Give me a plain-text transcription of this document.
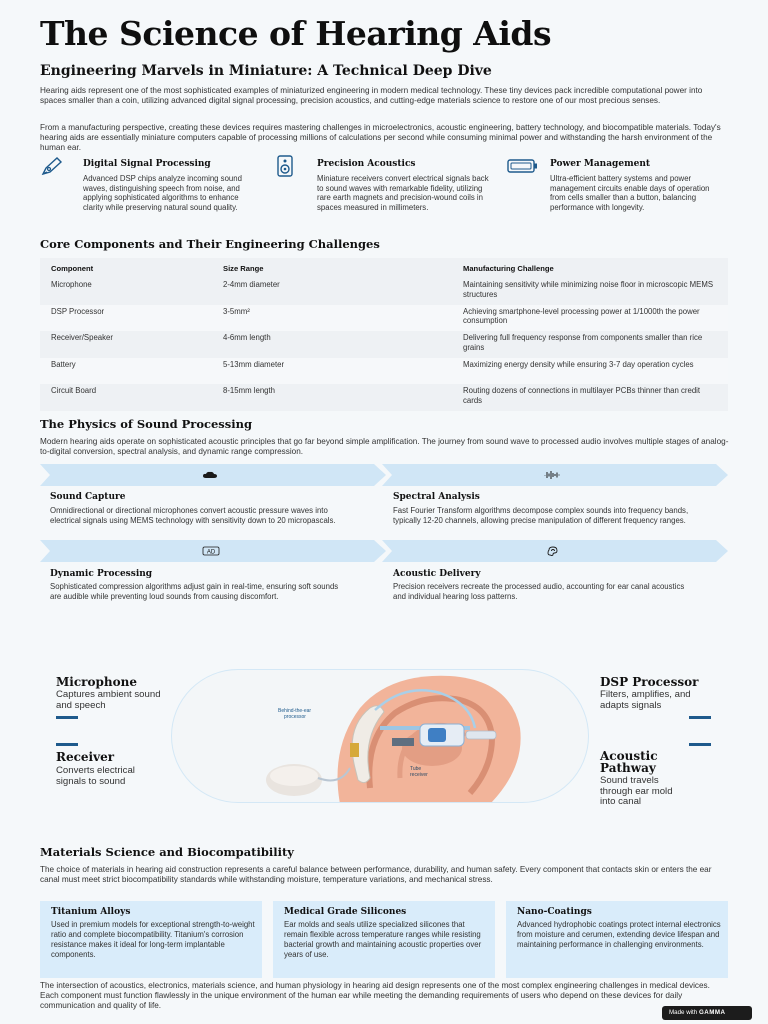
The Science of Hearing Aids
Engineering Marvels in Miniature: A Technical Deep Dive

Hearing aids represent one of the most sophisticated examples of miniaturized engineering in modern medical technology. These tiny devices pack incredible computational power into spaces smaller than a coin, utilizing advanced digital signal processing, precision acoustics, and cutting-edge materials science to restore one of our most precious senses.

From a manufacturing perspective, creating these devices requires mastering challenges in microelectronics, acoustic engineering, battery technology, and biocompatible materials. Today's hearing aids are essentially miniature computers capable of processing millions of calculations per second while consuming minimal power and withstanding the harsh environment of the human ear.

Digital Signal Processing
Advanced DSP chips analyze incoming sound waves, distinguishing speech from noise, and applying sophisticated algorithms to enhance clarity while preserving natural sound quality.
Precision Acoustics
Miniature receivers convert electrical signals back to sound waves with remarkable fidelity, utilizing rare earth magnets and precision-wound coils in spaces measured in millimeters.
Power Management
Ultra-efficient battery systems and power management circuits enable days of operation from cells smaller than a button, balancing performance with longevity.
Core Components and Their Engineering Challenges
Component	Size Range	Manufacturing Challenge
Microphone	2-4mm diameter	Maintaining sensitivity while minimizing noise floor in microscopic MEMS structures
DSP Processor	3-5mm²	Achieving smartphone-level processing power at 1/1000th the power consumption
Receiver/Speaker	4-6mm length	Delivering full frequency response from components smaller than rice grains
Battery	5-13mm diameter	Maximizing energy density while ensuring 3-7 day operation cycles
Circuit Board	8-15mm length	Routing dozens of connections in multilayer PCBs thinner than credit cards
The Physics of Sound Processing

Modern hearing aids operate on sophisticated acoustic principles that go far beyond simple amplification. The journey from sound wave to processed audio involves multiple stages of analog-to-digital conversion, spectral analysis, and dynamic range compression.

Sound Capture
Omnidirectional or directional microphones convert acoustic pressure waves into electrical signals using MEMS technology with sensitivity down to 20 micropascals.
Spectral Analysis
Fast Fourier Transform algorithms decompose complex sounds into frequency bands, typically 12-20 channels, allowing precise manipulation of different frequency ranges.
AD
Dynamic Processing
Sophisticated compression algorithms adjust gain in real-time, ensuring soft sounds are audible while preventing loud sounds from causing discomfort.
Acoustic Delivery
Precision receivers recreate the processed audio, accounting for ear canal acoustics and individual hearing loss patterns.
Behind-the-ear processor
Tube receiver
Microphone
Captures ambient sound and speech
DSP Processor
Filters, amplifies, and adapts signals
Receiver
Converts electrical signals to sound
Acoustic Pathway
Sound travels through ear mold into canal
Materials Science and Biocompatibility

The choice of materials in hearing aid construction represents a careful balance between performance, durability, and human safety. Every component that contacts skin or enters the ear canal must meet strict biocompatibility standards while withstanding moisture, temperature variations, and mechanical stress.

Titanium Alloys
Used in premium models for exceptional strength-to-weight ratio and complete biocompatibility. Titanium's corrosion resistance makes it ideal for long-term implantable components.
Medical Grade Silicones
Ear molds and seals utilize specialized silicones that remain flexible across temperature ranges while resisting bacterial growth and maintaining acoustic properties over years of use.
Nano-Coatings
Advanced hydrophobic coatings protect internal electronics from moisture and cerumen, extending device lifespan and maintaining performance in challenging environments.

The intersection of acoustics, electronics, materials science, and human physiology in hearing aid design represents one of the most complex engineering challenges in medical devices. Each component must function flawlessly in the unique environment of the human ear while meeting the demanding requirements of users who depend on these devices for daily communication and quality of life.

Made with GAMMA
